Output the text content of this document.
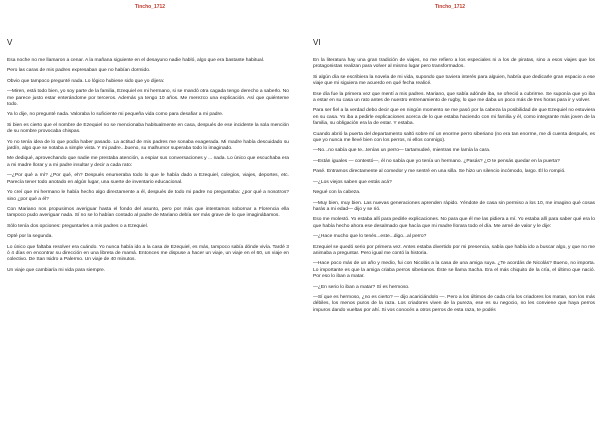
Tincho_1712
V

Esa noche no me llamaron a cenar. A la mañana siguiente en el desayuno nadie habló, algo que era bastante habitual.

Pero las caras de mis padres expresaban que no habían dormido.

Obvio que tampoco pregunté nada. Lo lógico hubiese sido que yo dijera:

—Miren, está todo bien, yo soy parte de la familia, Ezequiel es mi hermano, si se mandó otra cagada tengo derecho a saberlo. No me parece justo estar enterándome por terceros. Además ya tengo 10 años. Me merezco una explicación. Así que quiénteme todo.

Ya lo dije, no pregunté nada. Valoraba lo suficiente mi pequeña vida como para desafiar a mi padre.

Si bien es cierto que el nombre de Ezequiel no se mencionaba habitualmente en casa, después de ese incidente la sola mención de su nombre provocaba chispas.

Yo no tenía idea de lo que podía haber pasado. La actitud de mis padres me sonaba exagerada. Mi madre había descuidado su jardín, algo que se notaba a simple vista. Y mi padre...bueno, su malhumor superaba todo lo imaginado.

Me dediqué, aprovechando que nadie me prestaba atención, a espiar sus conversaciones y ... nada. Lo único que escuchaba era a mi madre llorar y a mi padre insultar y decir a cada rato:

—¿Por qué a mí? ¿Por qué, eh? Después enumeraba todo lo que le había dado a Ezequiel, colegios, viajes, deportes, etc. Parecía tener todo anotado en algún lugar, una suerte de inventario educacional.

Yo creí que mi hermano le había hecho algo directamente a él, después de todo mi padre no preguntaba: ¿por qué a nosotros? sino ¿por qué a él?

Con Mariano nos propusimos averiguar hasta el fondo del asunto, pero por más que intentamos sobornar a Florencia ella tampoco pudo averiguar nada. Sí no se lo habían contado al padre de Mariano debía ser más grave de lo que imaginábamos.

Sólo tenía dos opciones: preguntarles a mis padres o a Ezequiel.

Opté por la segunda.

Lo único que faltaba resolver era cuándo. Yo nunca había ido a la casa de Ezequiel, es más, tampoco sabía dónde vivía. Tardé 3 ó 4 días en encontrar su dirección en una libreta de mamá. Entonces me dispuse a hacer un viaje, un viaje en el 60, un viaje en colectivo. De San Isidro a Palermo. Un viaje de 40 minutos.

Un viaje que cambiaría mi vida para siempre.

Tincho_1712
VI

En la literatura hay una gran tradición de viajes, no me refiero a los especiales ni a los de piratas, sino a esos viajes que los protagonistas realizan para volver al mismo lugar pero transformados.

Si algún día se escribiera la novela de mi vida, supondo que tuviera interés para alguien, habría que dedicarle gran espacio a ese viaje que mi siguiera me acuerdo en qué fecha realicé.

Ese día fue la primera vez que mentí a mis padres. Mariano, que sabía adónde iba, se ofreció a cubrirme. Se suponía que yo iba a estar en su casa un rato antes de nuestro entrenamiento de rugby, lo que me daba un poco más de tres horas para ir y volver.

Para ser fiel a la verdad debo decir que en ningún momento se me pasó por la cabeza la posibilidad de que Ezequiel no estuviera en su casa. Yo iba a pedirle explicaciones acerca de lo que estaba haciendo con mi familia y él, como integrante más joven de la familia, su obligación era la de estar. Y estaba.

Cuando abrió la puerta del departamento saltó sobre mí un enorme perro siberiano (no era tan enorme, me di cuenta después, es que yo nunca me llevé bien con los perros, ni ellos conmigo).

—No...no sabía que te...tenías un perro— tartamudeé, mientras me lamía la cara.

—Están iguales — contestó—, él no sabía que yo tenía un hermano. ¿Pasás? ¿O te pensás quedar en la puerta?

Pasé. Entramos directamente al comedor y me sentré en una silla. Se hizo un silencio incómodo, largo. Él lo rompió.

—¿Los viejos saben que estás acá?

Negué con la cabeza.

—Muy bien, muy bien. Las nuevas generaciones aprenden rápido. Yéndote de casa sin permiso a los 10, me imagino qué cosas harás a mi edad— dijo y se rió.

Eso me molestó. Yo estaba allí para pedirle explicaciones. No para que él me las pidiera a mí. Yo estaba allí para saber qué era lo que había hecho ahora ese desalmado que hacía que mi madre llorara todo el día. Me armé de valor y le dije:

—¿Hace mucho que lo tenés...este...digo...al perro?

Ezequiel se quedó serio por primera vez. Antes estaba divertido por mi presencia, sabía que había ido a buscar algo, y que no me animaba a preguntar. Pero igual me contó la historia.

—Hace poco más de un año y medio, fui con Nicolás a la casa de una amiga suya. ¿Te acordás de Nicolás? Bueno, no importa. Lo importante es que la amiga criaba perros siberianos. Éste se llama Sacha. Era el más chiquito de la cría, el último que nació. Por eso lo iban a matar.

—¿En serio lo iban a matar? Sí es hermoso.

—Sí que es hermoso, ¿no es cierto? — dijo acariciándolo —. Pero a los últimos de cada cría los criadores los matan, son los más débiles, los menos puros de la raza. Los criadores viven de la pureza, ese es su negocio, no les conviene que haya perros impuros dando vueltas por ahí. Si vos conocés a otros perros de esta raza, te podés
